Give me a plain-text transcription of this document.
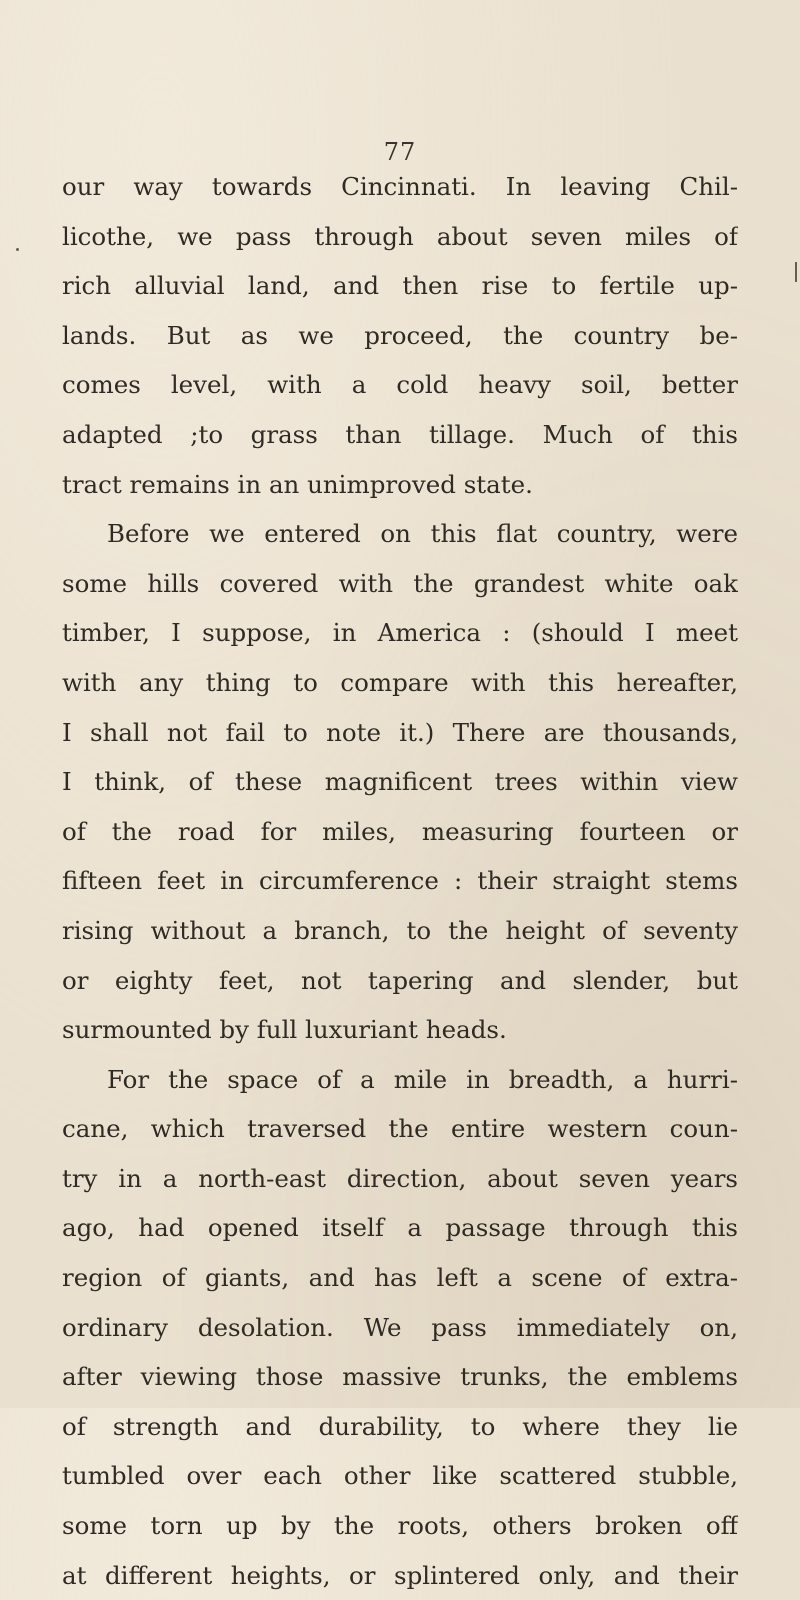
77
our way towards Cincinnati. In leaving Chil-
licothe, we pass through about seven miles of
rich alluvial land, and then rise to fertile up-
lands. But as we proceed, the country be-
comes level, with a cold heavy soil, better
adapted ;to grass than tillage. Much of this
tract remains in an unimproved state.
Before we entered on this flat country, were
some hills covered with the grandest white oak
timber, I suppose, in America : (should I meet
with any thing to compare with this hereafter,
I shall not fail to note it.) There are thousands,
I think, of these magnificent trees within view
of the road for miles, measuring fourteen or
fifteen feet in circumference : their straight stems
rising without a branch, to the height of seventy
or eighty feet, not tapering and slender, but
surmounted by full luxuriant heads.
For the space of a mile in breadth, a hurri-
cane, which traversed the entire western coun-
try in a north-east direction, about seven years
ago, had opened itself a passage through this
region of giants, and has left a scene of extra-
ordinary desolation. We pass immediately on,
after viewing those massive trunks, the emblems
of strength and durability, to where they lie
tumbled over each other like scattered stubble,
some torn up by the roots, others broken off
at different heights, or splintered only, and their
